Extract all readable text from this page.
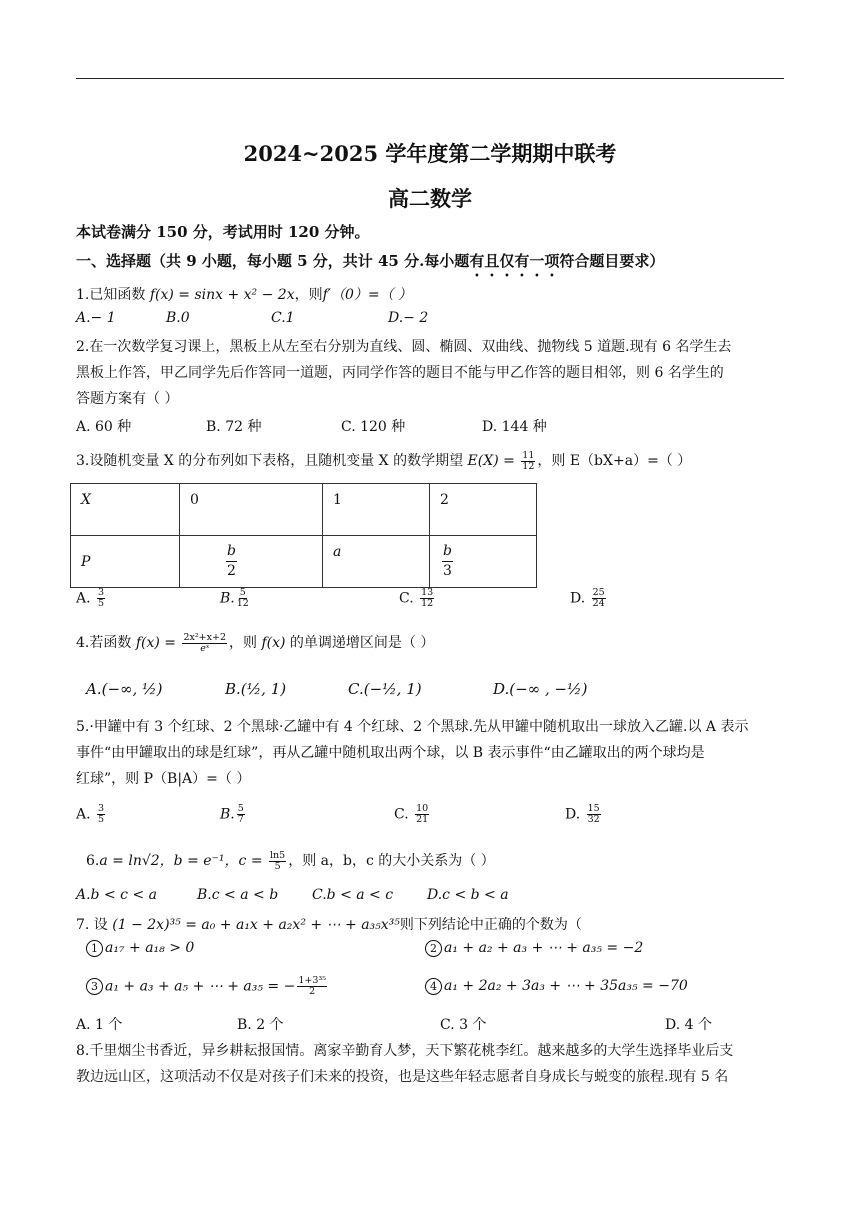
2024~2025 学年度第二学期期中联考
高二数学
本试卷满分 150 分，考试用时 120 分钟。
一、选择题（共 9 小题，每小题 5 分，共计 45 分.每小题有且仅有一项符合题目要求）
1.已知函数 f(x) = sinx + x² − 2x，则f′（0）=（ ）
A.− 1	B.0	C.1	D.− 2
2.在一次数学复习课上，黑板上从左至右分别为直线、圆、椭圆、双曲线、抛物线 5 道题.现有 6 名学生去
黑板上作答，甲乙同学先后作答同一道题，丙同学作答的题目不能与甲乙作答的题目相邻，则 6 名学生的
答题方案有（ ）
A. 60 种	B. 72 种	C. 120 种	D. 144 种
3.设随机变量 X 的分布列如下表格，且随机变量 X 的数学期望 $E(X) = \frac{11}{12}$ ，则 E（bX+a）=（ ）
X	0	1	2
P	$\frac{b}{2}$	a	$\frac{b}{3}$
A. $\frac{3}{5}$	B. $\frac{5}{12}$	C. $\frac{13}{12}$	D. $\frac{25}{24}$
4.若函数 $f(x) = \frac{\text{2x²+x+2}}{\text{eˣ}}$ ，则 f(x) 的单调递增区间是（ ）
A.(−∞, ½)	B.(½, 1)	C.(−½, 1)	D.(−∞ , −½)
5.·甲罐中有 3 个红球、2 个黑球·乙罐中有 4 个红球、2 个黑球.先从甲罐中随机取出一球放入乙罐.以 A 表示
事件“由甲罐取出的球是红球”，再从乙罐中随机取出两个球，以 B 表示事件“由乙罐取出的两个球均是
红球”，则 P（B|A）=（ ）
A. $\frac{3}{5}$	B. $\frac{5}{7}$	C. $\frac{10}{21}$	D. $\frac{15}{32}$
6.a = ln√2，b = e⁻¹，$c = \frac{\ln 5}{5}$ ，则 a，b，c 的大小关系为（ ）
A.b < c < a	B.c < a < b C.b < a < c D.c < b < a
7. 设 (1 − 2x)³⁵ = a₀ + a₁x + a₂x² + ⋯ + a₃₅x³⁵则下列结论中正确的个数为（
1 a₁₇ + a₁₈ > 0	2 a₁ + a₂ + a₃ + ⋯ + a₃₅ = −2
3 a₁ + a₃ + a₅ + ⋯ + a₃₅ = − $\frac{\text{1+3³⁵}}{2}$	4 a₁ + 2a₂ + 3a₃ + ⋯ + 35a₃₅ = −70
A. 1 个	B. 2 个	C. 3 个	D. 4 个
8.千里烟尘书香近，异乡耕耘报国情。离家辛勤育人梦，天下繁花桃李红。越来越多的大学生选择毕业后支
教边远山区，这项活动不仅是对孩子们未来的投资，也是这些年轻志愿者自身成长与蜕变的旅程.现有 5 名
